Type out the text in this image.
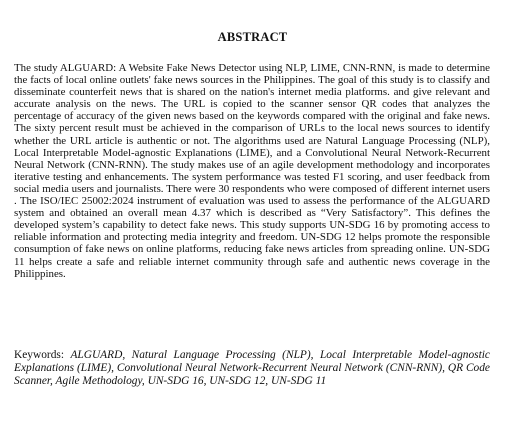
ABSTRACT

The study ALGUARD: A Website Fake News Detector using NLP, LIME, CNN-RNN, is made to determine the facts of local online outlets' fake news sources in the Philippines. The goal of this study is to classify and disseminate counterfeit news that is shared on the nation's internet media platforms. and give relevant and accurate analysis on the news. The URL is copied to the scanner sensor QR codes that analyzes the percentage of accuracy of the given news based on the keywords compared with the original and fake news. The sixty percent result must be achieved in the comparison of URLs to the local news sources to identify whether the URL article is authentic or not. The algorithms used are Natural Language Processing (NLP), Local Interpretable Model-agnostic Explanations (LIME), and a Convolutional Neural Network-Recurrent Neural Network (CNN-RNN). The study makes use of an agile development methodology and incorporates iterative testing and enhancements. The system performance was tested F1 scoring, and user feedback from social media users and journalists. There were 30 respondents who were composed of different internet users . The ISO/IEC 25002:2024 instrument of evaluation was used to assess the performance of the ALGUARD system and obtained an overall mean 4.37 which is described as “Very Satisfactory”. This defines the developed system’s capability to detect fake news. This study supports UN-SDG 16 by promoting access to reliable information and protecting media integrity and freedom. UN-SDG 12 helps promote the responsible consumption of fake news on online platforms, reducing fake news articles from spreading online. UN-SDG 11 helps create a safe and reliable internet community through safe and authentic news coverage in the Philippines.

Keywords: ALGUARD, Natural Language Processing (NLP), Local Interpretable Model-agnostic Explanations (LIME), Convolutional Neural Network-Recurrent Neural Network (CNN-RNN), QR Code Scanner, Agile Methodology, UN-SDG 16, UN-SDG 12, UN-SDG 11
